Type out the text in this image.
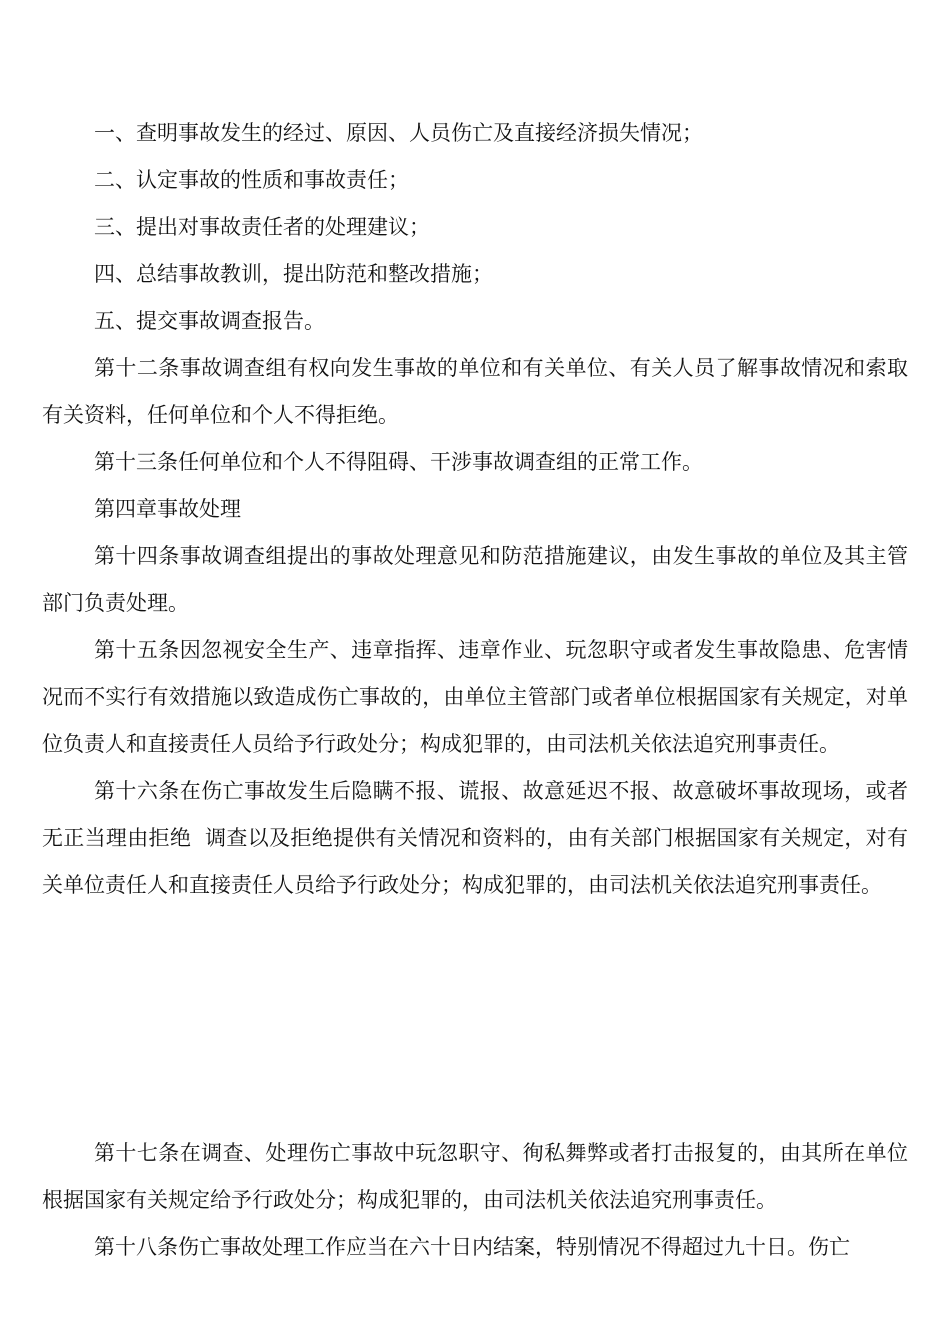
一、查明事故发生的经过、原因、人员伤亡及直接经济损失情况；

二、认定事故的性质和事故责任；

三、提出对事故责任者的处理建议；

四、总结事故教训，提出防范和整改措施；

五、提交事故调查报告。

第十二条事故调查组有权向发生事故的单位和有关单位、有关人员了解事故情况和索取有关资料，任何单位和个人不得拒绝。

第十三条任何单位和个人不得阻碍、干涉事故调查组的正常工作。

第四章事故处理

第十四条事故调查组提出的事故处理意见和防范措施建议，由发生事故的单位及其主管部门负责处理。

第十五条因忽视安全生产、违章指挥、违章作业、玩忽职守或者发生事故隐患、危害情况而不实行有效措施以致造成伤亡事故的，由单位主管部门或者单位根据国家有关规定，对单位负责人和直接责任人员给予行政处分；构成犯罪的，由司法机关依法追究刑事责任。

第十六条在伤亡事故发生后隐瞒不报、谎报、故意延迟不报、故意破坏事故现场，或者无正当理由拒绝  调查以及拒绝提供有关情况和资料的，由有关部门根据国家有关规定，对有关单位责任人和直接责任人员给予行政处分；构成犯罪的，由司法机关依法追究刑事责任。

第十七条在调查、处理伤亡事故中玩忽职守、徇私舞弊或者打击报复的，由其所在单位根据国家有关规定给予行政处分；构成犯罪的，由司法机关依法追究刑事责任。

第十八条伤亡事故处理工作应当在六十日内结案，特别情况不得超过九十日。伤亡
